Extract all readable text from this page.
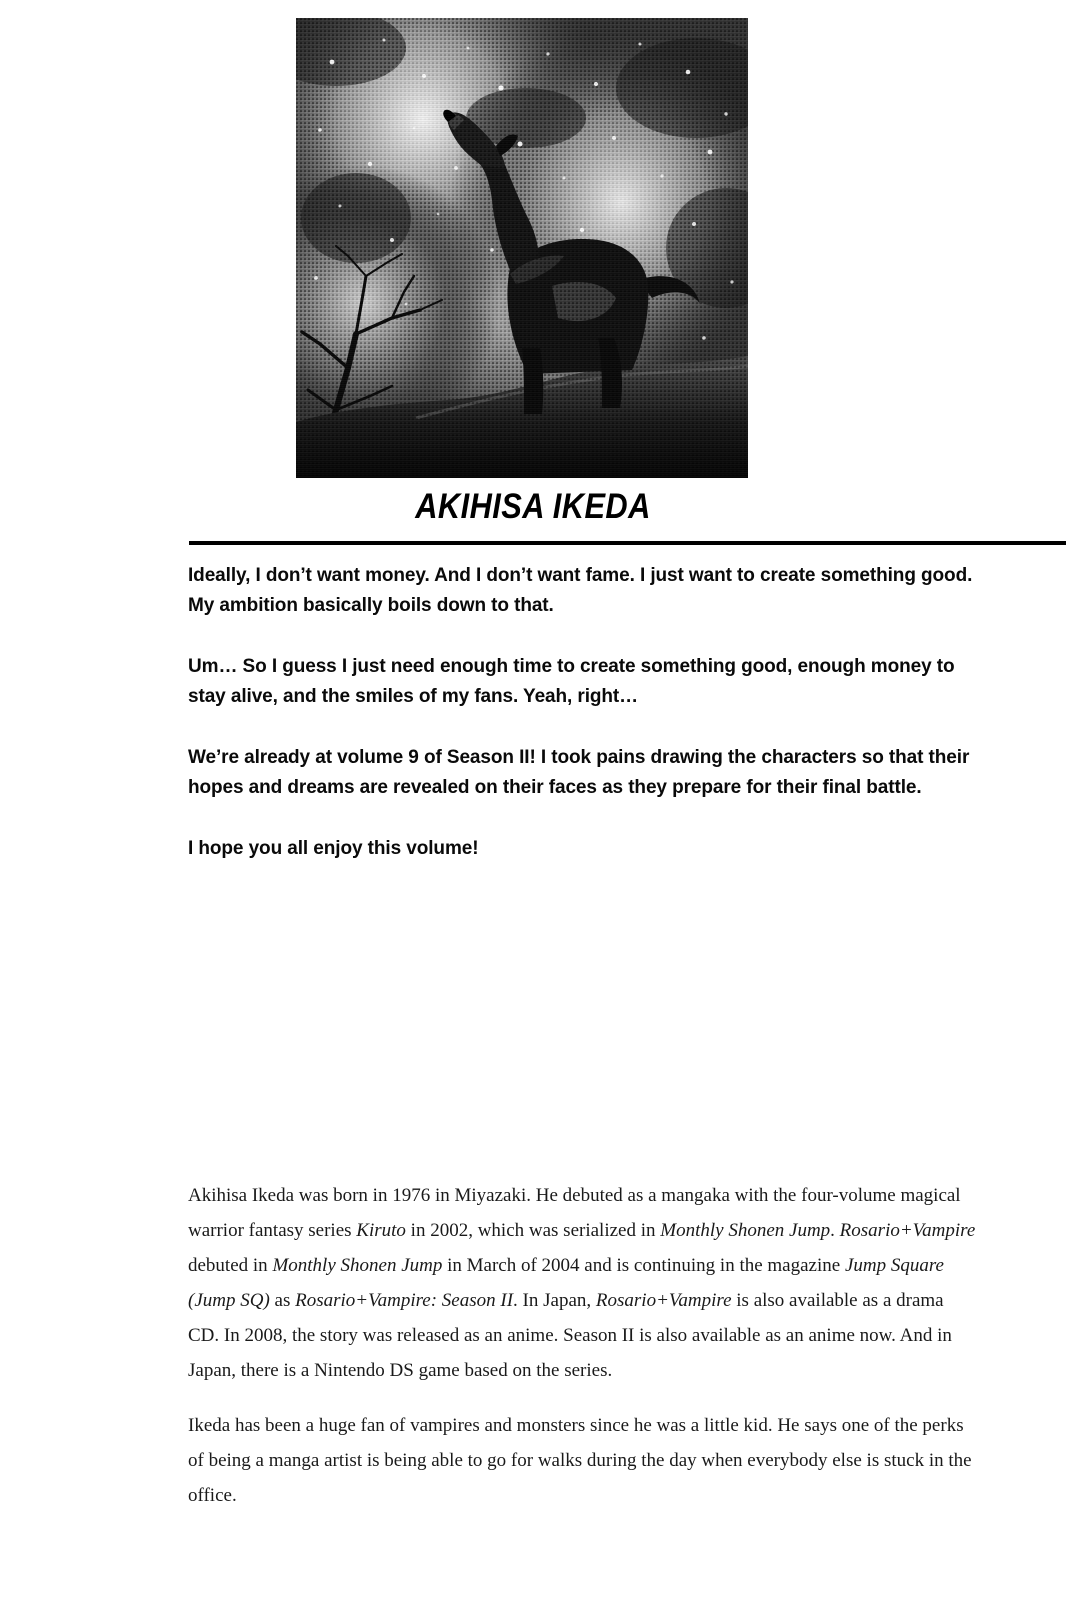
AKIHISA IKEDA

Ideally, I don’t want money. And I don’t want fame. I just want to create something good. My ambition basically boils down to that.

Um… So I guess I just need enough time to create something good, enough money to stay alive, and the smiles of my fans. Yeah, right…

We’re already at volume 9 of Season II! I took pains drawing the characters so that their hopes and dreams are revealed on their faces as they prepare for their final battle.

I hope you all enjoy this volume!

Akihisa Ikeda was born in 1976 in Miyazaki. He debuted as a mangaka with the four-volume magical warrior fantasy series Kiruto in 2002, which was serialized in Monthly Shonen Jump. Rosario+Vampire debuted in Monthly Shonen Jump in March of 2004 and is continuing in the magazine Jump Square (Jump SQ) as Rosario+Vampire: Season II. In Japan, Rosario+Vampire is also available as a drama CD. In 2008, the story was released as an anime. Season II is also available as an anime now. And in Japan, there is a Nintendo DS game based on the series.

Ikeda has been a huge fan of vampires and monsters since he was a little kid. He says one of the perks of being a manga artist is being able to go for walks during the day when everybody else is stuck in the office.
